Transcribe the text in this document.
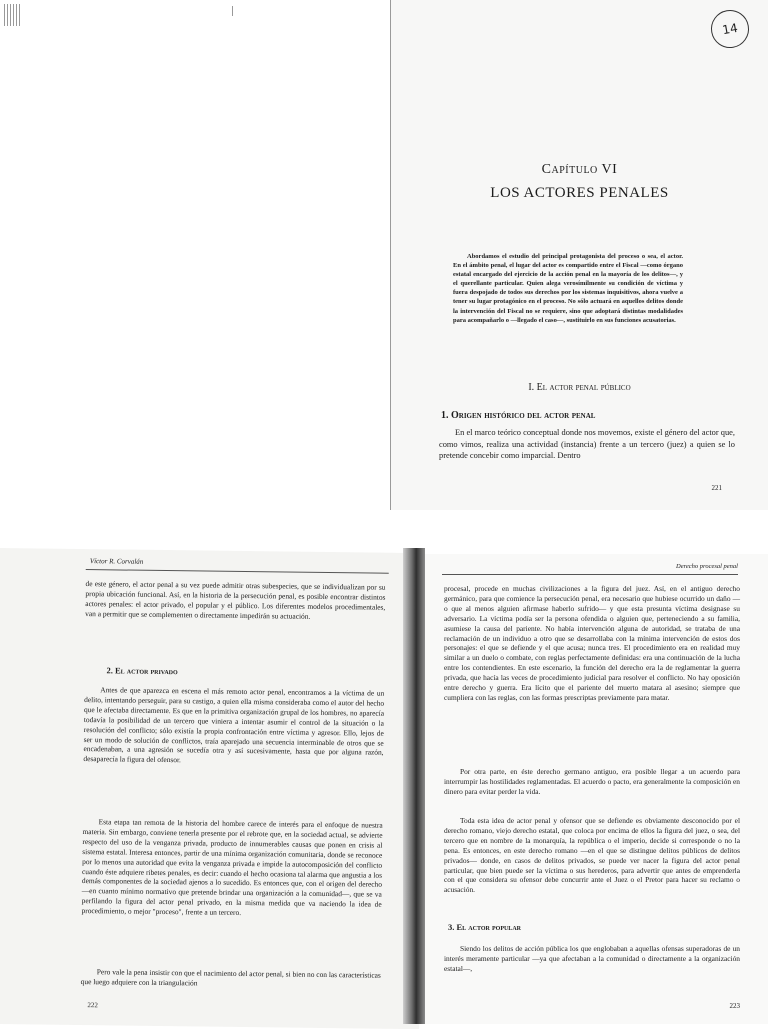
14
Capítulo VI
LOS ACTORES PENALES

Abordamos el estudio del principal protagonista del proceso o sea, el actor. En el ámbito penal, el lugar del actor es compartido entre el Fiscal —como órgano estatal encargado del ejercicio de la acción penal en la mayoría de los delitos—, y el querellante particular. Quien alega verosímilmente su condición de víctima y fuera despojado de todos sus derechos por los sistemas inquisitivos, ahora vuelve a tener su lugar protagónico en el proceso. No sólo actuará en aquellos delitos donde la intervención del Fiscal no se requiere, sino que adoptará distintas modalidades para acompañarlo o —llegado el caso—, sustituirlo en sus funciones acusatorias.

I. El actor penal público

1. Origen histórico del actor penal

En el marco teórico conceptual donde nos movemos, existe el género del actor que, como vimos, realiza una actividad (instancia) frente a un tercero (juez) a quien se lo pretende concebir como imparcial. Dentro

221
Víctor R. Corvalán

de este género, el actor penal a su vez puede admitir otras subespecies, que se individualizan por su propia ubicación funcional. Así, en la historia de la persecución penal, es posible encontrar distintos actores penales: el actor privado, el popular y el público. Los diferentes modelos procedimentales, van a permitir que se complementen o directamente impedirán su actuación.

2. El actor privado

Antes de que aparezca en escena el más remoto actor penal, encontramos a la víctima de un delito, intentando perseguir, para su castigo, a quien ella misma consideraba como el autor del hecho que le afectaba directamente. Es que en la primitiva organización grupal de los hombres, no aparecía todavía la posibilidad de un tercero que viniera a intentar asumir el control de la situación o la resolución del conflicto; sólo existía la propia confrontación entre víctima y agresor. Ello, lejos de ser un modo de solución de conflictos, traía aparejado una secuencia interminable de otros que se encadenaban, a una agresión se sucedía otra y así sucesivamente, hasta que por alguna razón, desaparecía la figura del ofensor.

Esta etapa tan remota de la historia del hombre carece de interés para el enfoque de nuestra materia. Sin embargo, conviene tenerla presente por el rebrote que, en la sociedad actual, se advierte respecto del uso de la venganza privada, producto de innumerables causas que ponen en crisis al sistema estatal. Interesa entonces, partir de una mínima organización comunitaria, donde se reconoce por lo menos una autoridad que evita la venganza privada e impide la autocomposición del conflicto cuando éste adquiere ribetes penales, es decir: cuando el hecho ocasiona tal alarma que angustia a los demás componentes de la sociedad ajenos a lo sucedido. Es entonces que, con el origen del derecho —en cuanto mínimo normativo que pretende brindar una organización a la comunidad—, que se va perfilando la figura del actor penal privado, en la misma medida que va naciendo la idea de procedimiento, o mejor "proceso", frente a un tercero.

Pero vale la pena insistir con que el nacimiento del actor penal, si bien no con las características que luego adquiere con la triangulación

222
Derecho procesal penal

procesal, procede en muchas civilizaciones a la figura del juez. Así, en el antiguo derecho germánico, para que comience la persecución penal, era necesario que hubiese ocurrido un daño —o que al menos alguien afirmase haberlo sufrido— y que esta presunta víctima designase su adversario. La víctima podía ser la persona ofendida o alguien que, perteneciendo a su familia, asumiese la causa del pariente. No había intervención alguna de autoridad, se trataba de una reclamación de un individuo a otro que se desarrollaba con la mínima intervención de estos dos personajes: el que se defiende y el que acusa; nunca tres. El procedimiento era en realidad muy similar a un duelo o combate, con reglas perfectamente definidas: era una continuación de la lucha entre los contendientes. En este escenario, la función del derecho era la de reglamentar la guerra privada, que hacía las veces de procedimiento judicial para resolver el conflicto. No hay oposición entre derecho y guerra. Era lícito que el pariente del muerto matara al asesino; siempre que cumpliera con las reglas, con las formas prescriptas previamente para matar.

Por otra parte, en éste derecho germano antiguo, era posible llegar a un acuerdo para interrumpir las hostilidades reglamentadas. El acuerdo o pacto, era generalmente la composición en dinero para evitar perder la vida.

Toda esta idea de actor penal y ofensor que se defiende es obviamente desconocido por el derecho romano, viejo derecho estatal, que coloca por encima de ellos la figura del juez, o sea, del tercero que en nombre de la monarquía, la república o el imperio, decide si corresponde o no la pena. Es entonces, en este derecho romano —en el que se distingue delitos públicos de delitos privados— donde, en casos de delitos privados, se puede ver nacer la figura del actor penal particular, que bien puede ser la víctima o sus herederos, para advertir que antes de emprenderla con el que considera su ofensor debe concurrir ante el Juez o el Pretor para hacer su reclamo o acusación.

3. El actor popular

Siendo los delitos de acción pública los que englobaban a aquellas ofensas superadoras de un interés meramente particular —ya que afectaban a la comunidad o directamente a la organización estatal—,

223
